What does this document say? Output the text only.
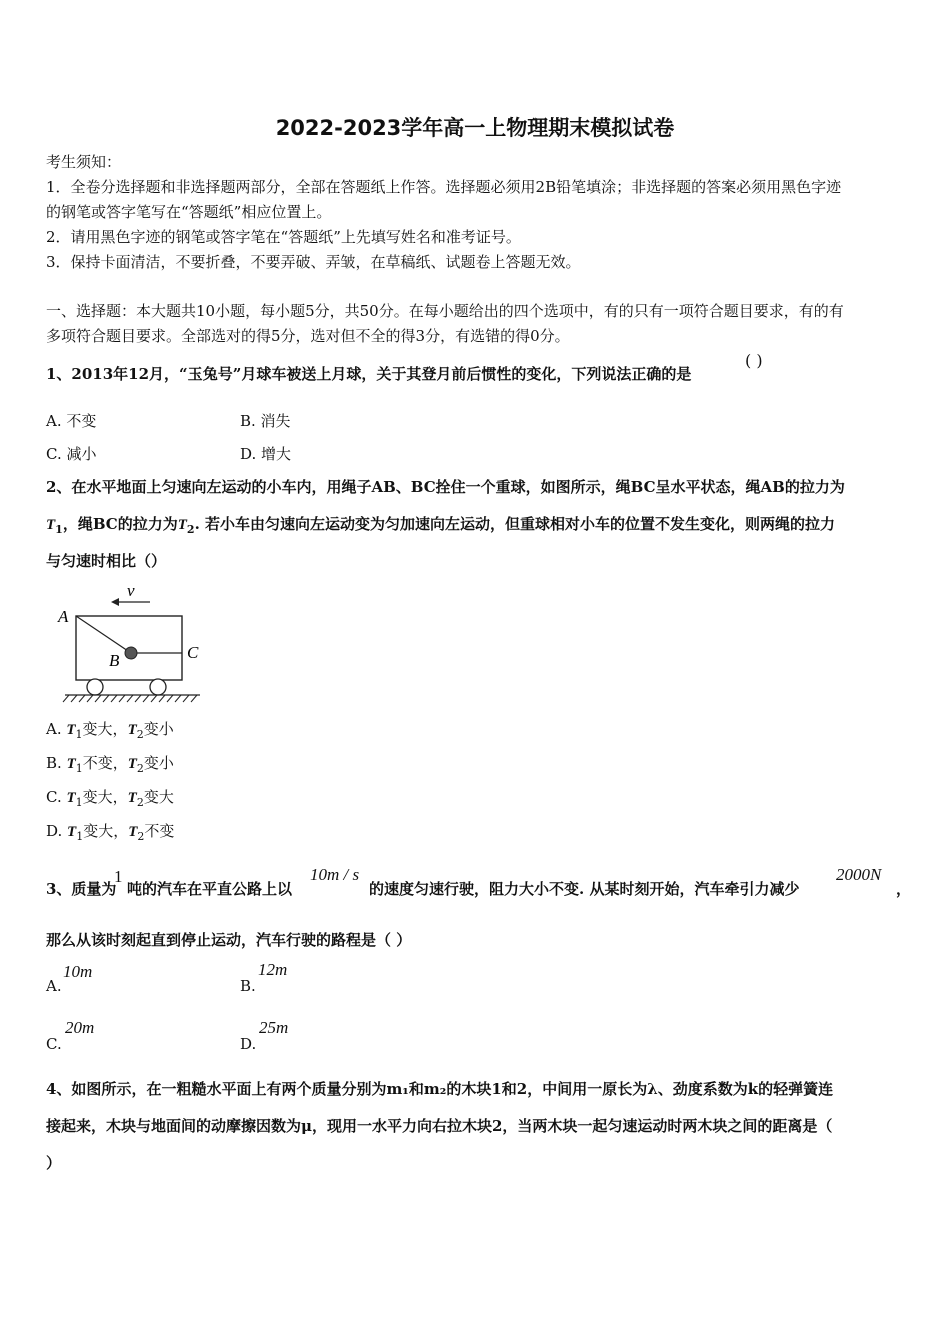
2022-2023学年高一上物理期末模拟试卷
考生须知：
1．全卷分选择题和非选择题两部分，全部在答题纸上作答。选择题必须用2B铅笔填涂；非选择题的答案必须用黑色字迹
的钢笔或答字笔写在“答题纸”相应位置上。
2．请用黑色字迹的钢笔或答字笔在“答题纸”上先填写姓名和准考证号。
3．保持卡面清洁，不要折叠，不要弄破、弄皱，在草稿纸、试题卷上答题无效。
一、选择题：本大题共10小题，每小题5分，共50分。在每小题给出的四个选项中，有的只有一项符合题目要求，有的有
多项符合题目要求。全部选对的得5分，选对但不全的得3分，有选错的得0分。
1、2013年12月，“玉兔号”月球车被送上月球，关于其登月前后惯性的变化，下列说法正确的是
( )
A. 不变	B. 消失
C. 减小	D. 增大
2、在水平地面上匀速向左运动的小车内，用绳子AB、BC拴住一个重球，如图所示，绳BC呈水平状态，绳AB的拉力为
$T_1$，绳BC的拉力为$T_2$. 若小车由匀速向左运动变为匀加速向左运动，但重球相对小车的位置不发生变化，则两绳的拉力
与匀速时相比（）
v
A
B	C
A. $T_1$变大，$T_2$变小
B. $T_1$不变，$T_2$变小
C. $T_1$变大，$T_2$变大
D. $T_1$变大，$T_2$不变
3、质量为
1
吨的汽车在平直公路上以
10m / s
的速度匀速行驶，阻力大小不变. 从某时刻开始，汽车牵引力减少
2000N
，
那么从该时刻起直到停止运动，汽车行驶的路程是（ ）
A.
10m
B.
12m
C.
20m
D.
25m
4、如图所示，在一粗糙水平面上有两个质量分别为m₁和m₂的木块1和2，中间用一原长为λ、劲度系数为k的轻弹簧连
接起来，木块与地面间的动摩擦因数为μ，现用一水平力向右拉木块2，当两木块一起匀速运动时两木块之间的距离是（
）
